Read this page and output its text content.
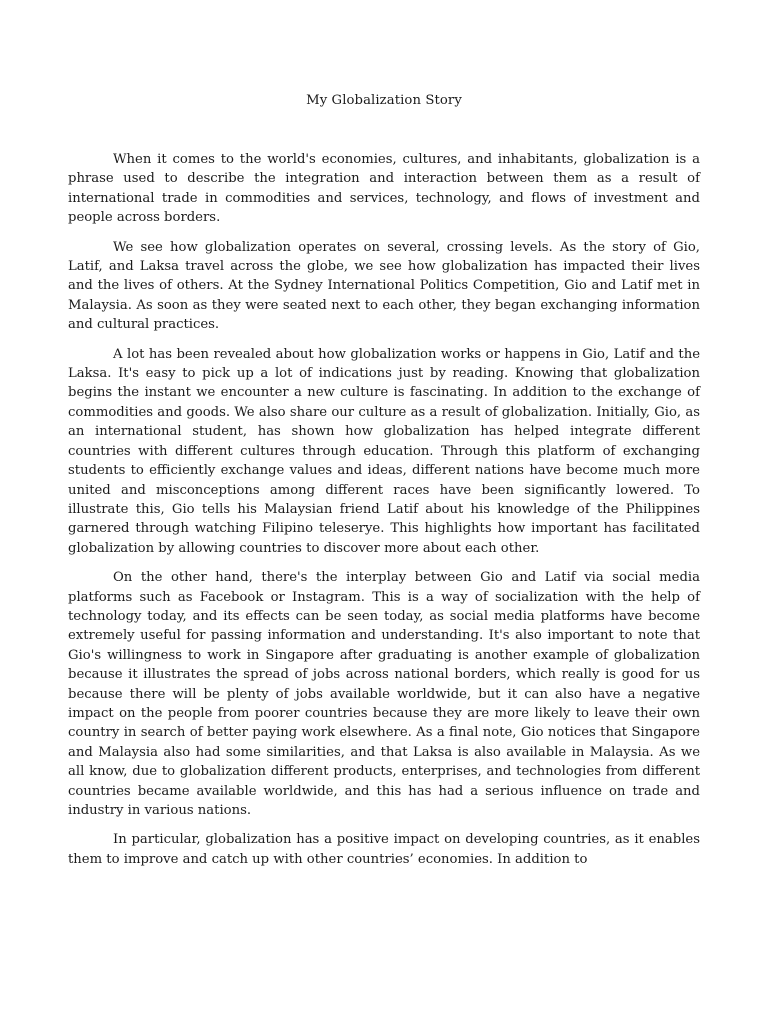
My Globalization Story

When it comes to the world's economies, cultures, and inhabitants, globalization is a phrase used to describe the integration and interaction between them as a result of international trade in commodities and services, technology, and flows of investment and people across borders.

We see how globalization operates on several, crossing levels. As the story of Gio, Latif, and Laksa travel across the globe, we see how globalization has impacted their lives and the lives of others. At the Sydney International Politics Competition, Gio and Latif met in Malaysia. As soon as they were seated next to each other, they began exchanging information and cultural practices.

A lot has been revealed about how globalization works or happens in Gio, Latif and the Laksa. It's easy to pick up a lot of indications just by reading. Knowing that globalization begins the instant we encounter a new culture is fascinating. In addition to the exchange of commodities and goods. We also share our culture as a result of globalization. Initially, Gio, as an international student, has shown how globalization has helped integrate different countries with different cultures through education. Through this platform of exchanging students to efficiently exchange values and ideas, different nations have become much more united and misconceptions among different races have been significantly lowered. To illustrate this, Gio tells his Malaysian friend Latif about his knowledge of the Philippines garnered through watching Filipino teleserye. This highlights how important has facilitated globalization by allowing countries to discover more about each other.

On the other hand, there's the interplay between Gio and Latif via social media platforms such as Facebook or Instagram. This is a way of socialization with the help of technology today, and its effects can be seen today, as social media platforms have become extremely useful for passing information and understanding. It's also important to note that Gio's willingness to work in Singapore after graduating is another example of globalization because it illustrates the spread of jobs across national borders, which really is good for us because there will be plenty of jobs available worldwide, but it can also have a negative impact on the people from poorer countries because they are more likely to leave their own country in search of better paying work elsewhere. As a final note, Gio notices that Singapore and Malaysia also had some similarities, and that Laksa is also available in Malaysia. As we all know, due to globalization different products, enterprises, and technologies from different countries became available worldwide, and this has had a serious influence on trade and industry in various nations.

In particular, globalization has a positive impact on developing countries, as it enables them to improve and catch up with other countries’ economies. In addition to
